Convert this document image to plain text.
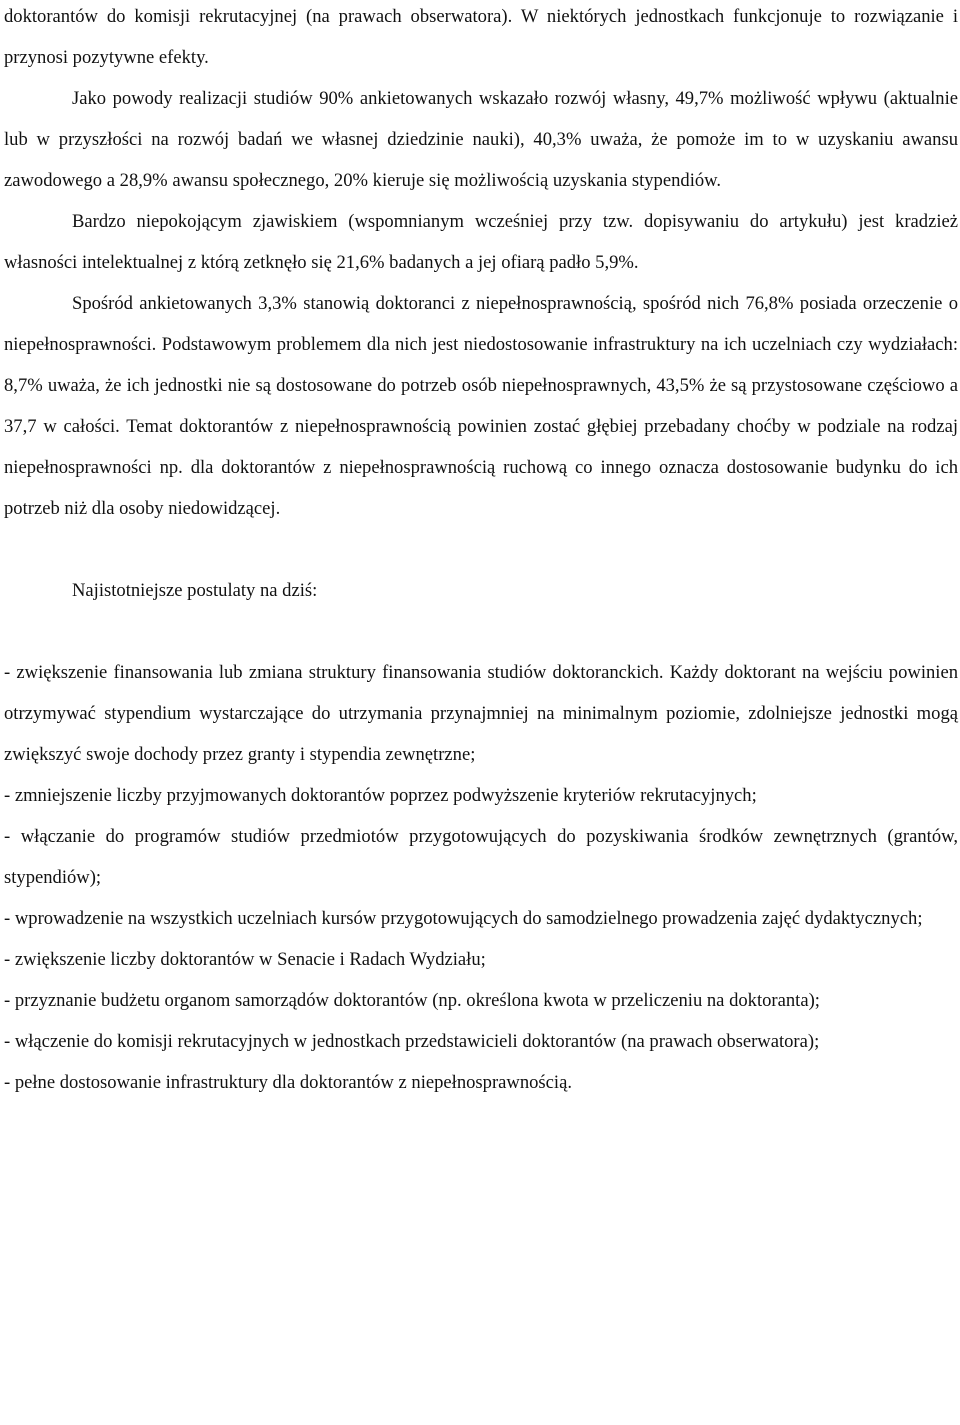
doktorantów do komisji rekrutacyjnej (na prawach obserwatora). W niektórych jednostkach funkcjonuje to rozwiązanie i przynosi pozytywne efekty.

Jako powody realizacji studiów 90% ankietowanych wskazało rozwój własny, 49,7% możliwość wpływu (aktualnie lub w przyszłości na rozwój badań we własnej dziedzinie nauki), 40,3% uważa, że pomoże im to w uzyskaniu awansu zawodowego a 28,9% awansu społecznego, 20% kieruje się możliwością uzyskania stypendiów.

Bardzo niepokojącym zjawiskiem (wspomnianym wcześniej przy tzw. dopisywaniu do artykułu) jest kradzież własności intelektualnej z którą zetknęło się 21,6% badanych a jej ofiarą padło 5,9%.

Spośród ankietowanych 3,3% stanowią doktoranci z niepełnosprawnością, spośród nich 76,8% posiada orzeczenie o niepełnosprawności. Podstawowym problemem dla nich jest niedostosowanie infrastruktury na ich uczelniach czy wydziałach: 8,7% uważa, że ich jednostki nie są dostosowane do potrzeb osób niepełnosprawnych, 43,5% że są przystosowane częściowo a 37,7 w całości. Temat doktorantów z niepełnosprawnością powinien zostać głębiej przebadany choćby w podziale na rodzaj niepełnosprawności np. dla doktorantów z niepełnosprawnością ruchową co innego oznacza dostosowanie budynku do ich potrzeb niż dla osoby niedowidzącej.

Najistotniejsze postulaty na dziś:

- zwiększenie finansowania lub zmiana struktury finansowania studiów doktoranckich. Każdy doktorant na wejściu powinien otrzymywać stypendium wystarczające do utrzymania przynajmniej na minimalnym poziomie, zdolniejsze jednostki mogą zwiększyć swoje dochody przez granty i stypendia zewnętrzne;

- zmniejszenie liczby przyjmowanych doktorantów poprzez podwyższenie kryteriów rekrutacyjnych;

- włączanie do programów studiów przedmiotów przygotowujących do pozyskiwania środków zewnętrznych (grantów, stypendiów);

- wprowadzenie na wszystkich uczelniach kursów przygotowujących do samodzielnego prowadzenia zajęć dydaktycznych;

- zwiększenie liczby doktorantów w Senacie i Radach Wydziału;

- przyznanie budżetu organom samorządów doktorantów (np. określona kwota w przeliczeniu na doktoranta);

- włączenie do komisji rekrutacyjnych w jednostkach przedstawicieli doktorantów (na prawach obserwatora);

- pełne dostosowanie infrastruktury dla doktorantów z niepełnosprawnością.
